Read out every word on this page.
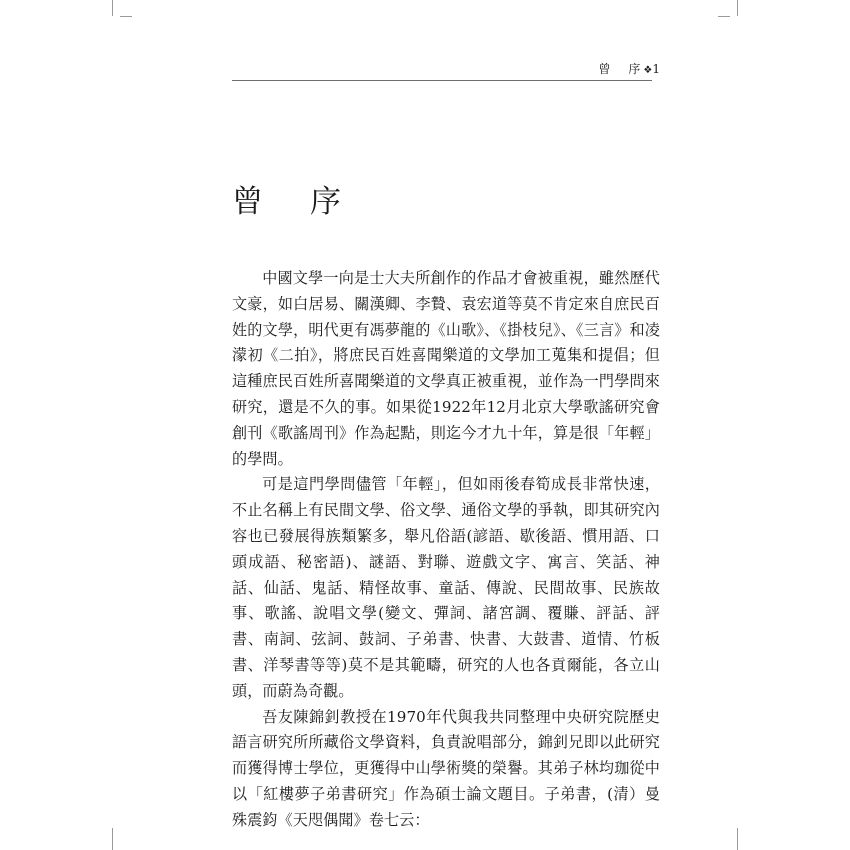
曾　序❖1
曾　序

中國文學一向是士大夫所創作的作品才會被重視，雖然歷代文豪，如白居易、關漢卿、李贄、袁宏道等莫不肯定來自庶民百姓的文學，明代更有馮夢龍的《山歌》、《掛枝兒》、《三言》和凌濛初《二拍》，將庶民百姓喜聞樂道的文學加工蒐集和提倡；但這種庶民百姓所喜聞樂道的文學真正被重視，並作為一門學問來研究，還是不久的事。如果從1922年12月北京大學歌謠研究會創刊《歌謠周刊》作為起點，則迄今才九十年，算是很「年輕」的學問。

可是這門學問儘管「年輕」，但如雨後春筍成長非常快速，不止名稱上有民間文學、俗文學、通俗文學的爭執，即其研究內容也已發展得族類繁多，舉凡俗語(諺語、歇後語、慣用語、口頭成語、秘密語)、謎語、對聯、遊戲文字、寓言、笑話、神話、仙話、鬼話、精怪故事、童話、傳說、民間故事、民族故事、歌謠、說唱文學(變文、彈詞、諸宮調、覆賺、評話、評書、南詞、弦詞、鼓詞、子弟書、快書、大鼓書、道情、竹板書、洋琴書等等)莫不是其範疇，研究的人也各貢爾能，各立山頭，而蔚為奇觀。

吾友陳錦釗教授在1970年代與我共同整理中央研究院歷史語言研究所所藏俗文學資料，負責說唱部分，錦釗兄即以此研究而獲得博士學位，更獲得中山學術獎的榮譽。其弟子林均珈從中以「紅樓夢子弟書研究」作為碩士論文題目。子弟書，(清）曼殊震鈞《天咫偶聞》卷七云：
